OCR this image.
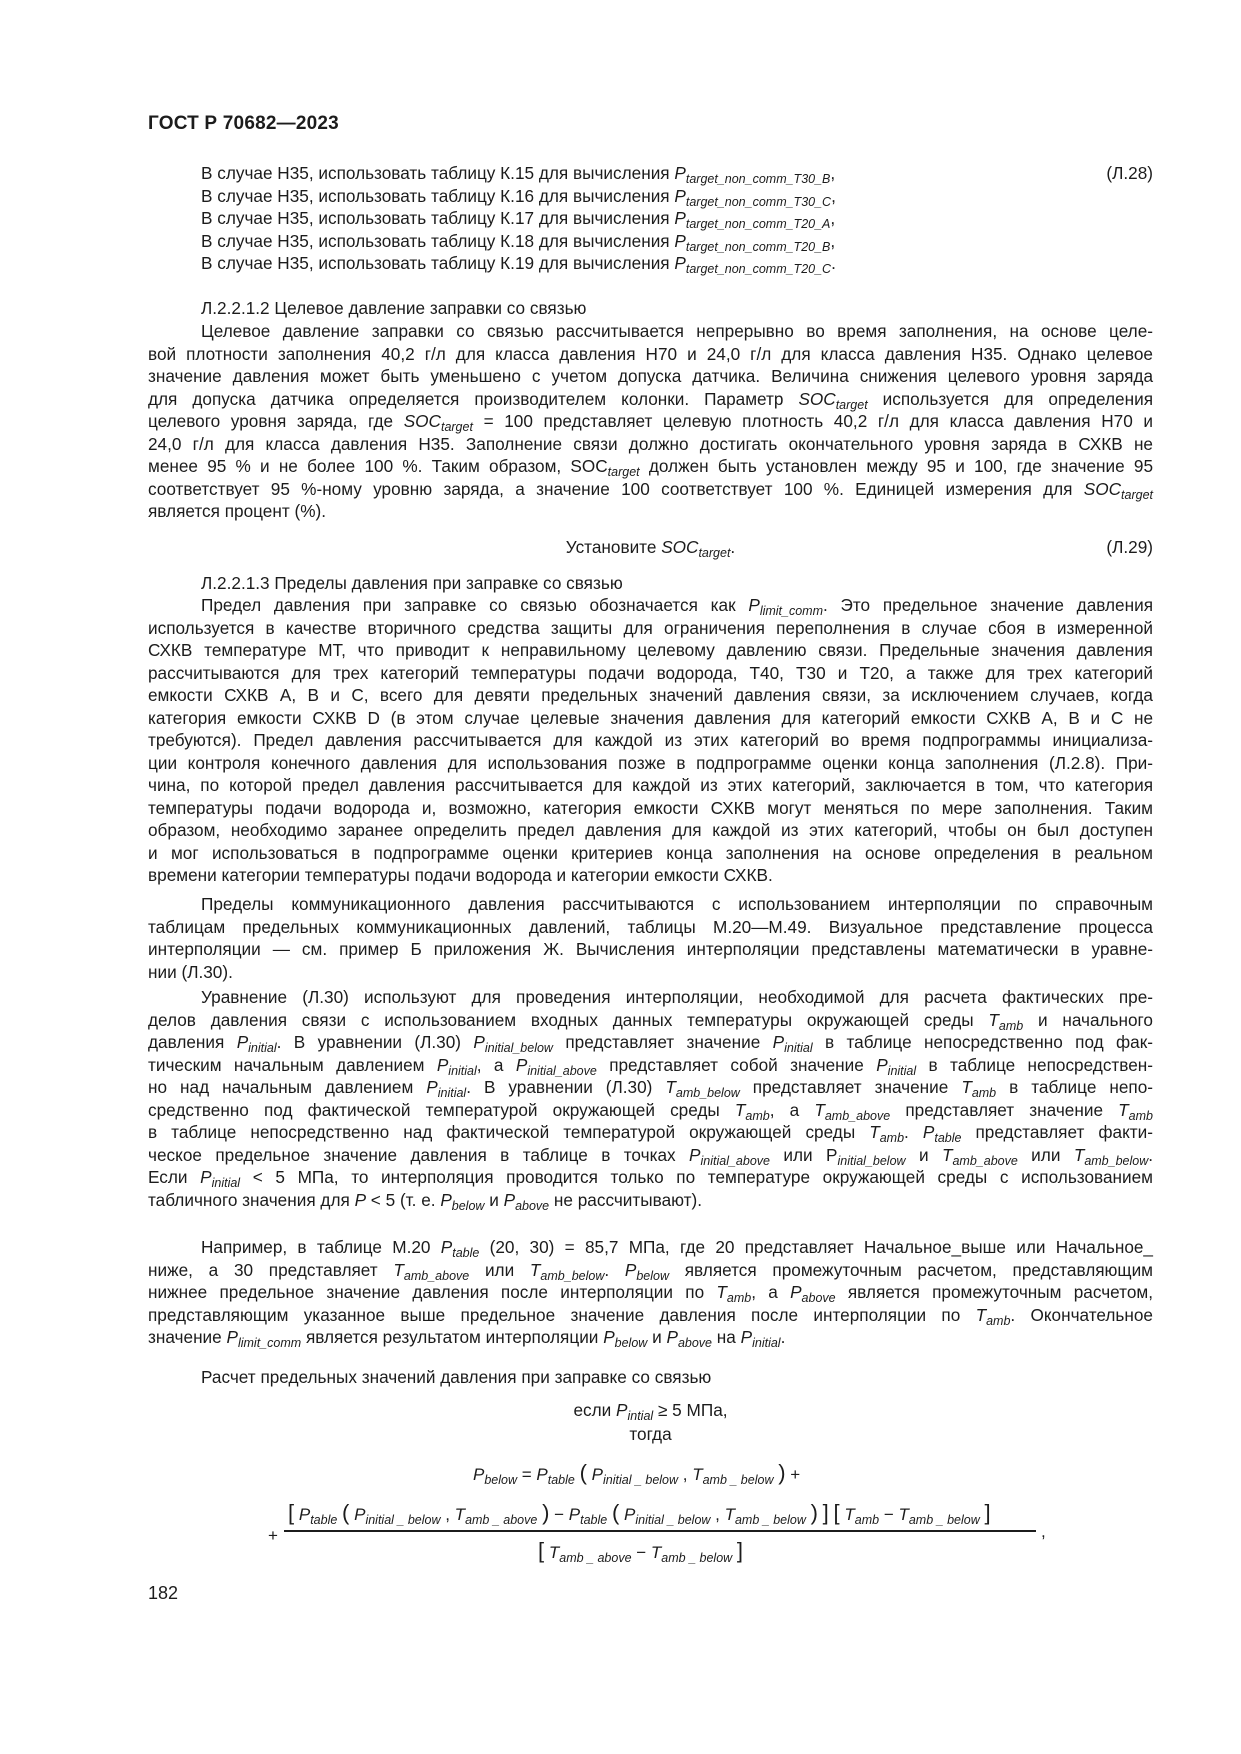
ГОСТ Р 70682—2023
В случае H35, использовать таблицу К.15 для вычисления $P_{target\_non\_comm\_T30\_B}$,	(Л.28)
В случае H35, использовать таблицу К.16 для вычисления $P_{target\_non\_comm\_T30\_C}$,
В случае H35, использовать таблицу К.17 для вычисления $P_{target\_non\_comm\_T20\_A}$,
В случае H35, использовать таблицу К.18 для вычисления $P_{target\_non\_comm\_T20\_B}$,
В случае H35, использовать таблицу К.19 для вычисления $P_{target\_non\_comm\_T20\_C}$.
Л.2.2.1.2 Целевое давление заправки со связью
Целевое давление заправки со связью рассчитывается непрерывно во время заполнения, на основе целе-
вой плотности заполнения 40,2 г/л для класса давления H70 и 24,0 г/л для класса давления H35. Однако целевое
значение давления может быть уменьшено с учетом допуска датчика. Величина снижения целевого уровня заряда
для допуска датчика определяется производителем колонки. Параметр $SOC_{target}$ используется для определения
целевого уровня заряда, где $SOC_{target} = 100$ представляет целевую плотность 40,2 г/л для класса давления H70 и
24,0 г/л для класса давления H35. Заполнение связи должно достигать окончательного уровня заряда в СХКВ не
менее 95 % и не более 100 %. Таким образом, $SOC_{target}$ должен быть установлен между 95 и 100, где значение 95
соответствует 95 %-ному уровню заряда, а значение 100 соответствует 100 %. Единицей измерения для $SOC_{target}$
является процент (%).
Установите $SOC_{target}$.	(Л.29)
Л.2.2.1.3 Пределы давления при заправке со связью
Предел давления при заправке со связью обозначается как $P_{limit\_comm}$. Это предельное значение давления
используется в качестве вторичного средства защиты для ограничения переполнения в случае сбоя в измеренной
СХКВ температуре МТ, что приводит к неправильному целевому давлению связи. Предельные значения давления
рассчитываются для трех категорий температуры подачи водорода, Т40, Т30 и Т20, а также для трех категорий
емкости СХКВ А, В и С, всего для девяти предельных значений давления связи, за исключением случаев, когда
категория емкости СХКВ D (в этом случае целевые значения давления для категорий емкости СХКВ А, В и С не
требуются). Предел давления рассчитывается для каждой из этих категорий во время подпрограммы инициализа-
ции контроля конечного давления для использования позже в подпрограмме оценки конца заполнения (Л.2.8). При-
чина, по которой предел давления рассчитывается для каждой из этих категорий, заключается в том, что категория
температуры подачи водорода и, возможно, категория емкости СХКВ могут меняться по мере заполнения. Таким
образом, необходимо заранее определить предел давления для каждой из этих категорий, чтобы он был доступен
и мог использоваться в подпрограмме оценки критериев конца заполнения на основе определения в реальном
времени категории температуры подачи водорода и категории емкости СХКВ.
Пределы коммуникационного давления рассчитываются с использованием интерполяции по справочным
таблицам предельных коммуникационных давлений, таблицы М.20—М.49. Визуальное представление процесса
интерполяции — см. пример Б приложения Ж. Вычисления интерполяции представлены математически в уравне-
нии (Л.30).
Уравнение (Л.30) используют для проведения интерполяции, необходимой для расчета фактических пре-
делов давления связи с использованием входных данных температуры окружающей среды $T_{amb}$ и начального
давления $P_{initial}$. В уравнении (Л.30) $P_{initial\_below}$ представляет значение $P_{initial}$ в таблице непосредственно под фак-
тическим начальным давлением $P_{initial}$, а $P_{initial\_above}$ представляет собой значение $P_{initial}$ в таблице непосредствен-
но над начальным давлением $P_{initial}$. В уравнении (Л.30) $T_{amb\_below}$ представляет значение $T_{amb}$ в таблице непо-
средственно под фактической температурой окружающей среды $T_{amb}$, а $T_{amb\_above}$ представляет значение $T_{amb}$
в таблице непосредственно над фактической температурой окружающей среды $T_{amb}$. $P_{table}$ представляет факти-
ческое предельное значение давления в таблице в точках $P_{initial\_above}$ или $P_{initial\_below}$ и $T_{amb\_above}$ или $T_{amb\_below}$.
Если $P_{initial} < 5$ МПа, то интерполяция проводится только по температуре окружающей среды с использованием
табличного значения для P < 5 (т. е. $P_{below}$ и $P_{above}$ не рассчитывают).
Например, в таблице М.20 $P_{table}$ (20, 30) = 85,7 МПа, где 20 представляет Начальное_выше или Начальное_
ниже, а 30 представляет $T_{amb\_above}$ или $T_{amb\_below}$. $P_{below}$ является промежуточным расчетом, представляющим
нижнее предельное значение давления после интерполяции по $T_{amb}$, а $P_{above}$ является промежуточным расчетом,
представляющим указанное выше предельное значение давления после интерполяции по $T_{amb}$. Окончательное
значение $P_{limit\_comm}$ является результатом интерполяции $P_{below}$ и $P_{above}$ на $P_{initial}$.
Расчет предельных значений давления при заправке со связью
если $P_{intial} \ge 5$ МПа,
тогда
$P_{below} = P_{table}$ ( $P_{initial \_ below}$ , $T_{amb \_ below}$ ) +
+
[ $P_{table}$ ( $P_{initial \_ below}$ , $T_{amb \_ above}$ ) − $P_{table}$ ( $P_{initial \_ below}$ , $T_{amb \_ below}$ ) ] [ $T_{amb} - T_{amb \_ below}$ ]
[ $T_{amb \_ above} - T_{amb \_ below}$ ]
,
182
